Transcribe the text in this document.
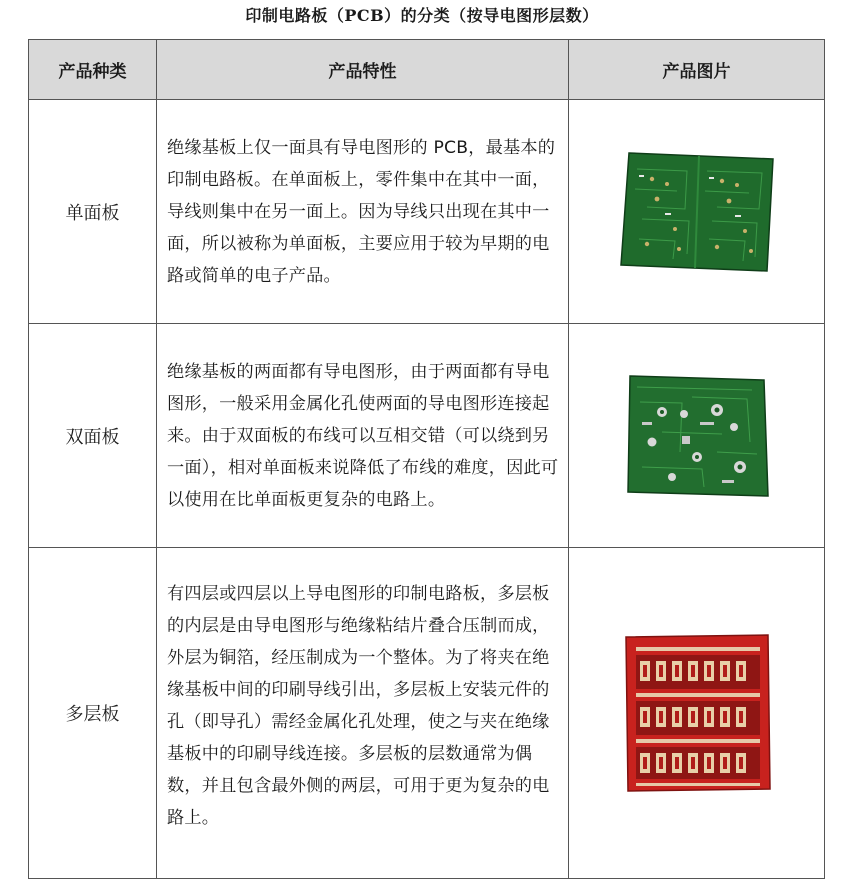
印制电路板（PCB）的分类（按导电图形层数）
产品种类	产品特性	产品图片
单面板	绝缘基板上仅一面具有导电图形的 PCB，最基本的印制电路板。在单面板上，零件集中在其中一面，导线则集中在另一面上。因为导线只出现在其中一面，所以被称为单面板，主要应用于较为早期的电路或简单的电子产品。	
双面板	绝缘基板的两面都有导电图形，由于两面都有导电图形，一般采用金属化孔使两面的导电图形连接起来。由于双面板的布线可以互相交错（可以绕到另一面），相对单面板来说降低了布线的难度，因此可以使用在比单面板更复杂的电路上。	
多层板	有四层或四层以上导电图形的印制电路板，多层板的内层是由导电图形与绝缘粘结片叠合压制而成，外层为铜箔，经压制成为一个整体。为了将夹在绝缘基板中间的印刷导线引出，多层板上安装元件的孔（即导孔）需经金属化孔处理，使之与夹在绝缘基板中的印刷导线连接。多层板的层数通常为偶数，并且包含最外侧的两层，可用于更为复杂的电路上。	
